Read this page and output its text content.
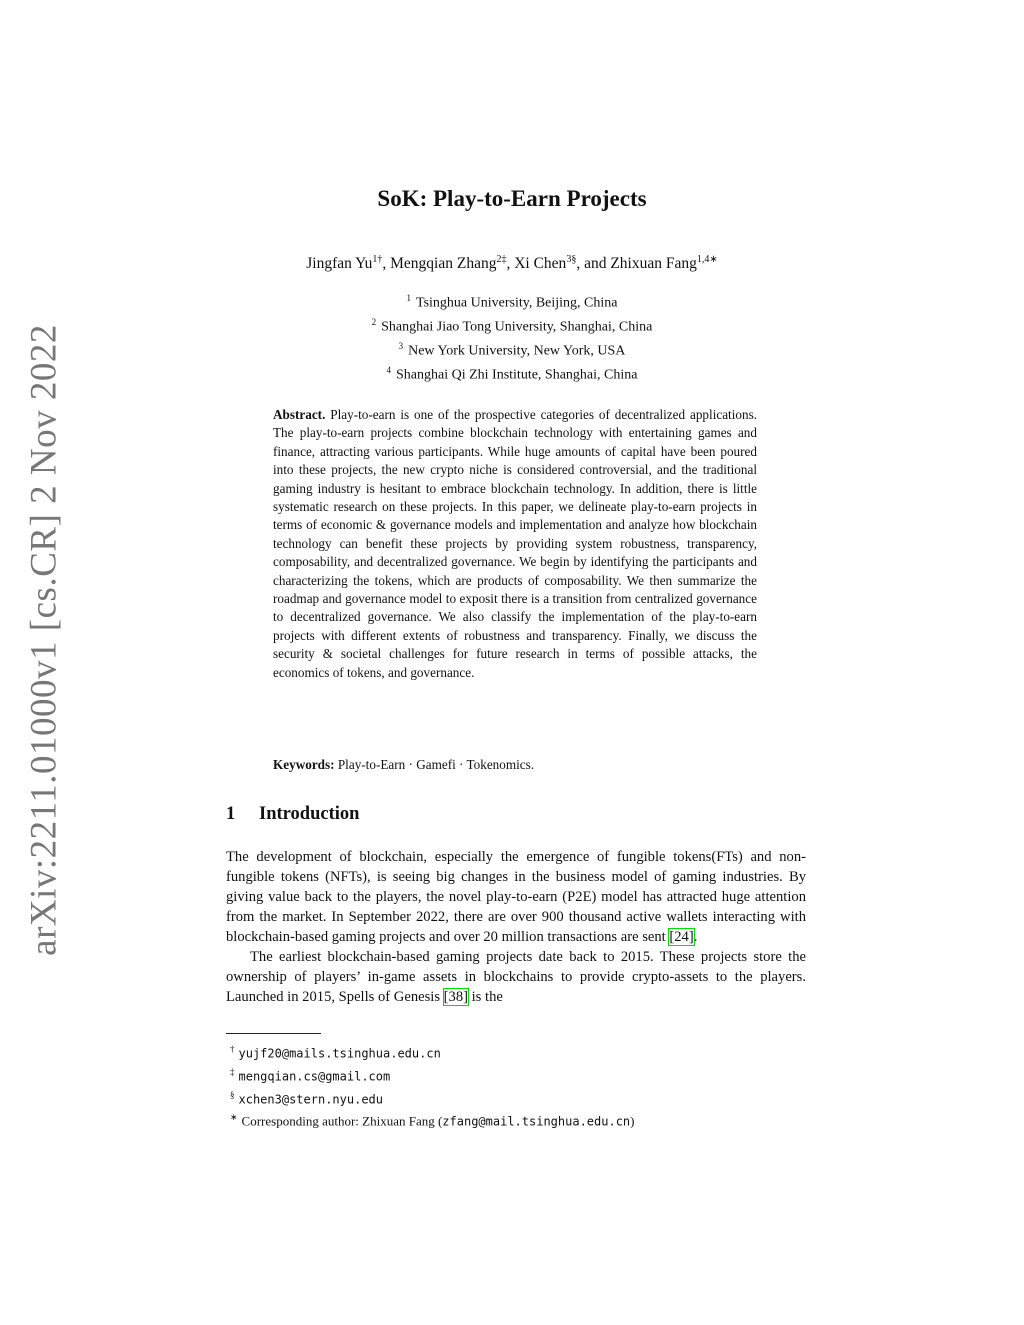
arXiv:2211.01000v1 [cs.CR] 2 Nov 2022
SoK: Play-to-Earn Projects
Jingfan $Yu^{1\dagger}$, Mengqian Zhang$^{2\ddagger}$, Xi Chen$^{3\S}$, and Zhixuan Fang$^{1,4∗}$
$^1$ Tsinghua University, Beijing, China
$^2$ Shanghai Jiao Tong University, Shanghai, China
$^3$ New York University, New York, USA
$^4$ Shanghai Qi Zhi Institute, Shanghai, China
Abstract. Play-to-earn is one of the prospective categories of decentralized applications. The play-to-earn projects combine blockchain technology with entertaining games and finance, attracting various participants. While huge amounts of capital have been poured into these projects, the new crypto niche is considered controversial, and the traditional gaming industry is hesitant to embrace blockchain technology. In addition, there is little systematic research on these projects. In this paper, we delineate play-to-earn projects in terms of economic & governance models and implementation and analyze how blockchain technology can benefit these projects by providing system robustness, transparency, composability, and decentralized governance. We begin by identifying the participants and characterizing the tokens, which are products of composability. We then summarize the roadmap and governance model to exposit there is a transition from centralized governance to decentralized governance. We also classify the implementation of the play-to-earn projects with different extents of robustness and transparency. Finally, we discuss the security & societal challenges for future research in terms of possible attacks, the economics of tokens, and governance.
Keywords: Play-to-Earn · Gamefi · Tokenomics.
1 Introduction

The development of blockchain, especially the emergence of fungible tokens(FTs) and non-fungible tokens (NFTs), is seeing big changes in the business model of gaming industries. By giving value back to the players, the novel play-to-earn (P2E) model has attracted huge attention from the market. In September 2022, there are over 900 thousand active wallets interacting with blockchain-based gaming projects and over 20 million transactions are sent [24].

The earliest blockchain-based gaming projects date back to 2015. These projects store the ownership of players’ in-game assets in blockchains to provide crypto-assets to the players. Launched in 2015, Spells of Genesis [38] is the

† yujf20@mails.tsinghua.edu.cn
‡ mengqian.cs@gmail.com
§ xchen3@stern.nyu.edu
∗ Corresponding author: Zhixuan Fang (zfang@mail.tsinghua.edu.cn)
